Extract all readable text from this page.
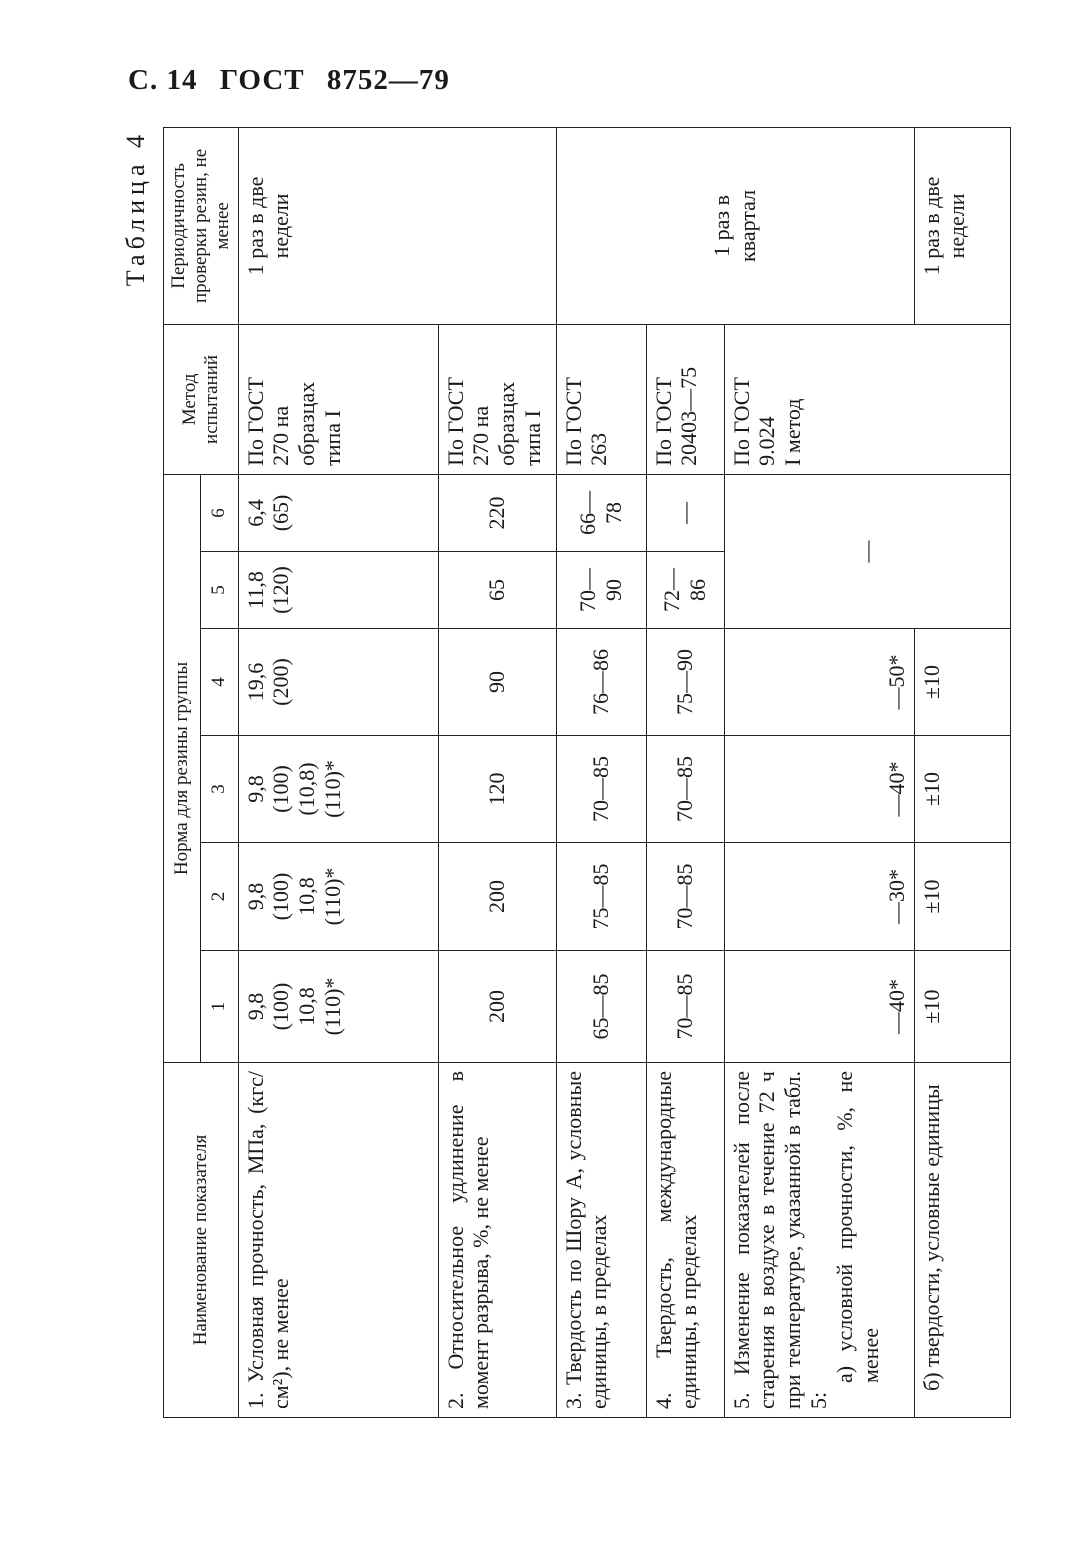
С. 14 ГОСТ 8752—79
Таблица 4
Наименование показателя	Норма для резины группы						Метод испытаний	Периодичность проверки резин, не менее
	1	2	3	4	5	6		
1. Условная прочность, МПа, (кгс/см²), не менее	9,8 (100) 10,8 (110)*	9,8 (100) 10,8 (110)*	9,8 (100) (10,8) (110)*	19,6 (200)	11,8 (120)	6,4 (65)	По ГОСТ 270 на образцах типа I	1 раз в две недели

2. Относительное удлинение в момент разрыва, %, не менее	200	200	120	90	65	220	По ГОСТ 270 на образцах типа I	

3. Твердость по Шору А, условные единицы, в пределах	65—85	75—85	70—85	76—86	70—90	66—78	По ГОСТ 263	1 раз в квартал

4. Твердость, международные единицы, в пределах	70—85	70—85	70—85	75—90	72—86	—	По ГОСТ 20403—75	

5. Изменение показателей после старения в воздухе в течение 72 ч при температуре, указанной в табл. 5:
а) условной прочности, %, не менее	—40*	—30*	—40*	—50*	—		По ГОСТ 9.024 I метод	

б) твердости, условные единицы	±10	±10	±10	±10				1 раз в две недели
